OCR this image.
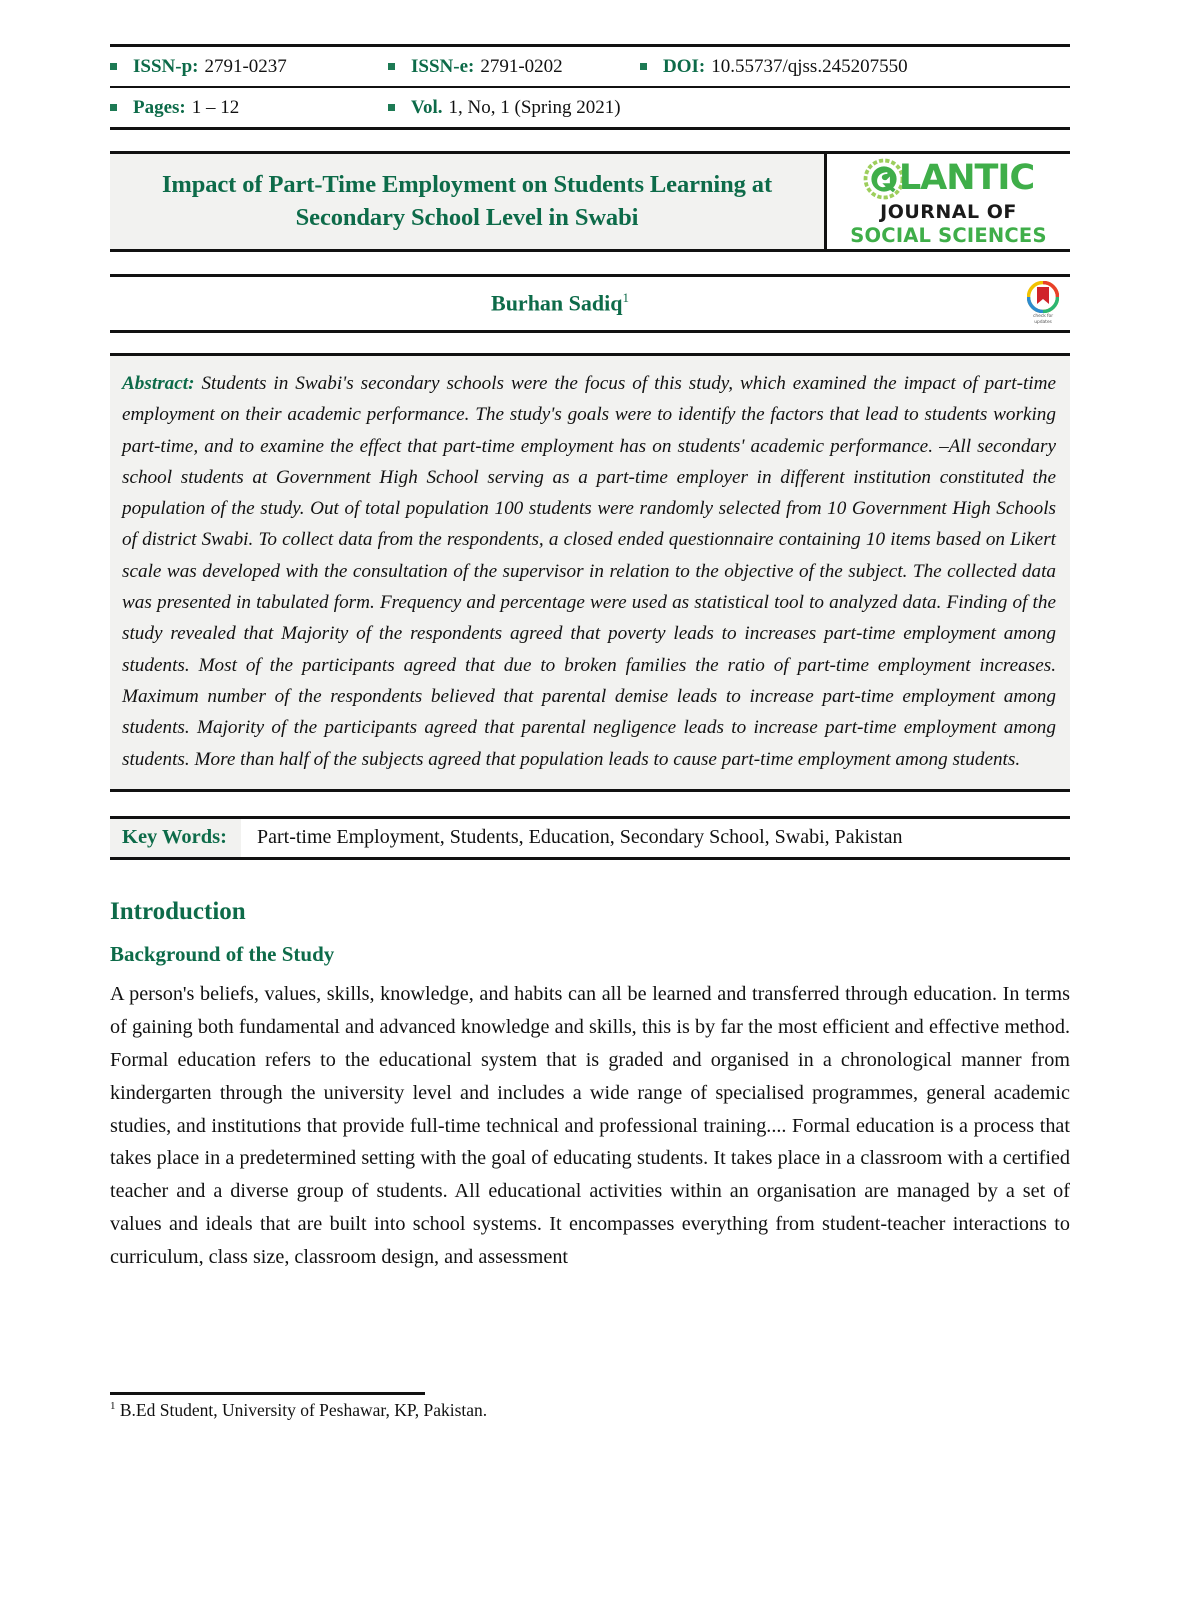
ISSN-p: 2791-0237	ISSN-e: 2791-0202	DOI: 10.55737/qjss.245207550
Pages: 1 – 12	Vol. 1, No, 1 (Spring 2021)
Impact of Part-Time Employment on Students Learning at Secondary School Level in Swabi
LANTIC
JOURNAL OF
SOCIAL SCIENCES
Burhan Sadiq$^1$
check for
updates
Abstract: Students in Swabi's secondary schools were the focus of this study, which examined the impact of part-time employment on their academic performance. The study's goals were to identify the factors that lead to students working part-time, and to examine the effect that part-time employment has on students' academic performance. –All secondary school students at Government High School serving as a part-time employer in different institution constituted the population of the study. Out of total population 100 students were randomly selected from 10 Government High Schools of district Swabi. To collect data from the respondents, a closed ended questionnaire containing 10 items based on Likert scale was developed with the consultation of the supervisor in relation to the objective of the subject. The collected data was presented in tabulated form. Frequency and percentage were used as statistical tool to analyzed data. Finding of the study revealed that Majority of the respondents agreed that poverty leads to increases part-time employment among students. Most of the participants agreed that due to broken families the ratio of part-time employment increases. Maximum number of the respondents believed that parental demise leads to increase part-time employment among students. Majority of the participants agreed that parental negligence leads to increase part-time employment among students. More than half of the subjects agreed that population leads to cause part-time employment among students.
Key Words:	Part-time Employment, Students, Education, Secondary School, Swabi, Pakistan
Introduction
Background of the Study
A person's beliefs, values, skills, knowledge, and habits can all be learned and transferred through education. In terms of gaining both fundamental and advanced knowledge and skills, this is by far the most efficient and effective method. Formal education refers to the educational system that is graded and organised in a chronological manner from kindergarten through the university level and includes a wide range of specialised programmes, general academic studies, and institutions that provide full-time technical and professional training.... Formal education is a process that takes place in a predetermined setting with the goal of educating students. It takes place in a classroom with a certified teacher and a diverse group of students. All educational activities within an organisation are managed by a set of values and ideals that are built into school systems. It encompasses everything from student-teacher interactions to curriculum, class size, classroom design, and assessment
$^1$ B.Ed Student, University of Peshawar, KP, Pakistan.
